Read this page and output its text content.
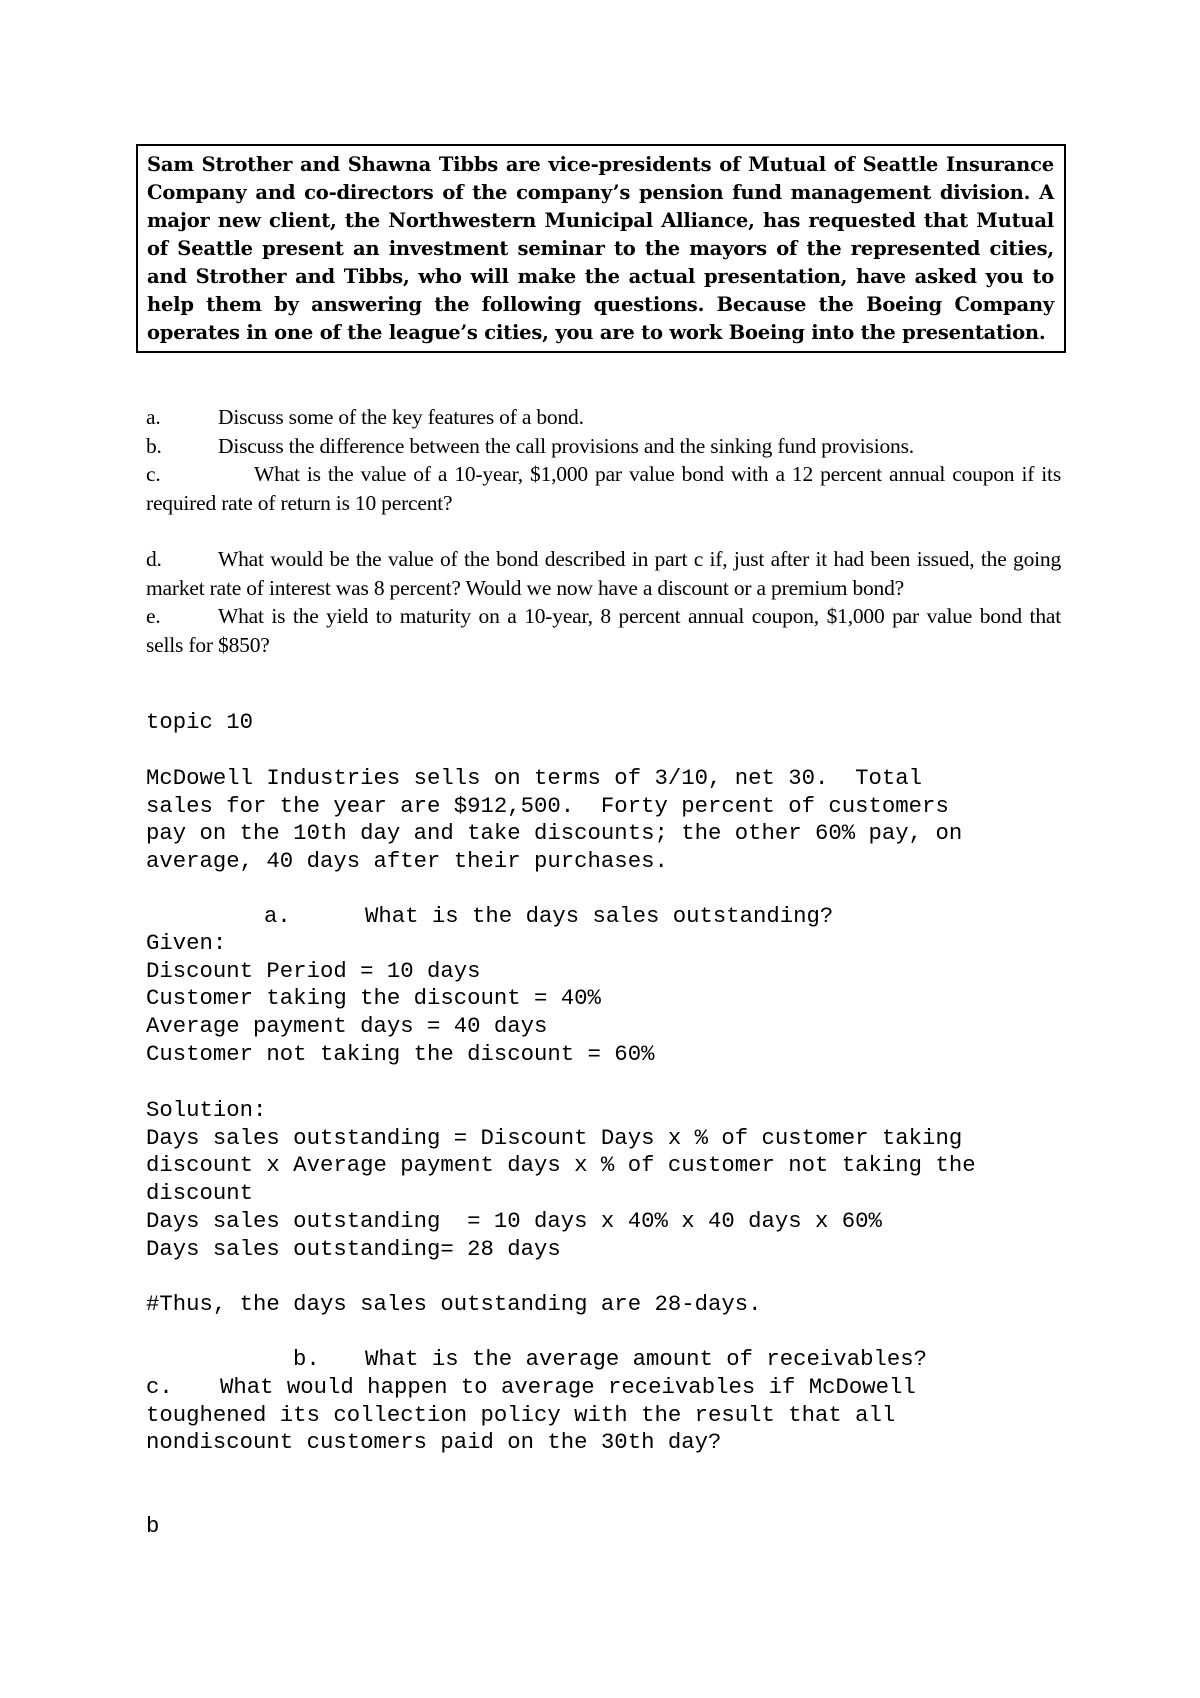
Sam Strother and Shawna Tibbs are vice-presidents of Mutual of Seattle Insurance Company and co-directors of the company’s pension fund management division. A major new client, the Northwestern Municipal Alliance, has requested that Mutual of Seattle present an investment seminar to the mayors of the represented cities, and Strother and Tibbs, who will make the actual presentation, have asked you to help them by answering the following questions. Because the Boeing Company operates in one of the league’s cities, you are to work Boeing into the presentation.

a.	Discuss some of the key features of a bond.

b.	Discuss the difference between the call provisions and the sinking fund provisions.

c.	What is the value of a 10-year, $1,000 par value bond with a 12 percent annual coupon if its required rate of return is 10 percent?

d.	What would be the value of the bond described in part c if, just after it had been issued, the going market rate of interest was 8 percent? Would we now have a discount or a premium bond?

e.	What is the yield to maturity on a 10-year, 8 percent annual coupon, $1,000 par value bond that sells for $850?

topic 10
McDowell Industries sells on terms of 3/10, net 30.  Total
sales for the year are $912,500.  Forty percent of customers
pay on the 10th day and take discounts; the other 60% pay, on
average, 40 days after their purchases.
a.	What is the days sales outstanding?
Given:
Discount Period = 10 days
Customer taking the discount = 40%
Average payment days = 40 days
Customer not taking the discount = 60%
Solution:
Days sales outstanding = Discount Days x % of customer taking
discount x Average payment days x % of customer not taking the
discount
Days sales outstanding  = 10 days x 40% x 40 days x 60%
Days sales outstanding= 28 days
#Thus, the days sales outstanding are 28-days.
b. What is the average amount of receivables?
c. What would happen to average receivables if McDowell
toughened its collection policy with the result that all
nondiscount customers paid on the 30th day?
b
